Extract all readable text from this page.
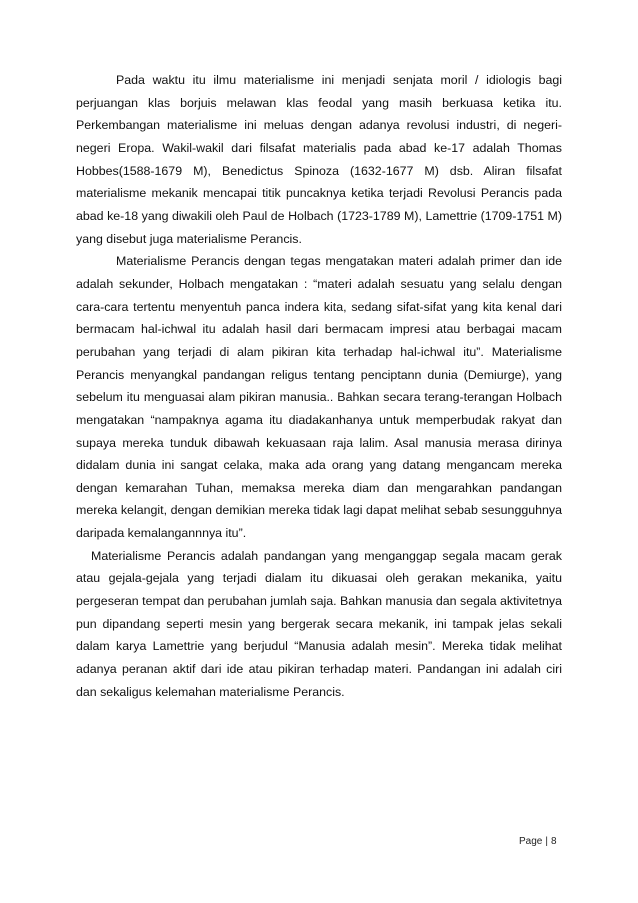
Pada waktu itu ilmu materialisme ini menjadi senjata moril / idiologis bagi perjuangan klas borjuis melawan klas feodal yang masih berkuasa ketika itu. Perkembangan materialisme ini meluas dengan adanya revolusi industri, di negeri-negeri Eropa. Wakil-wakil dari filsafat materialis pada abad ke-17 adalah Thomas Hobbes(1588-1679 M), Benedictus Spinoza (1632-1677 M) dsb. Aliran filsafat materialisme mekanik mencapai titik puncaknya ketika terjadi Revolusi Perancis pada abad ke-18 yang diwakili oleh Paul de Holbach (1723-1789 M), Lamettrie (1709-1751 M) yang disebut juga materialisme Perancis.

Materialisme Perancis dengan tegas mengatakan materi adalah primer dan ide adalah sekunder, Holbach mengatakan : “materi adalah sesuatu yang selalu dengan cara-cara tertentu menyentuh panca indera kita, sedang sifat-sifat yang kita kenal dari bermacam hal-ichwal itu adalah hasil dari bermacam impresi atau berbagai macam perubahan yang terjadi di alam pikiran kita terhadap hal-ichwal itu”. Materialisme Perancis menyangkal pandangan religus tentang penciptann dunia (Demiurge), yang sebelum itu menguasai alam pikiran manusia.. Bahkan secara terang-terangan Holbach mengatakan “nampaknya agama itu diadakanhanya untuk memperbudak rakyat dan supaya mereka tunduk dibawah kekuasaan raja lalim. Asal manusia merasa dirinya didalam dunia ini sangat celaka, maka ada orang yang datang mengancam mereka dengan kemarahan Tuhan, memaksa mereka diam dan mengarahkan pandangan mereka kelangit, dengan demikian mereka tidak lagi dapat melihat sebab sesungguhnya daripada kemalangannnya itu”.

Materialisme Perancis adalah pandangan yang menganggap segala macam gerak atau gejala-gejala yang terjadi dialam itu dikuasai oleh gerakan mekanika, yaitu pergeseran tempat dan perubahan jumlah saja. Bahkan manusia dan segala aktivitetnya pun dipandang seperti mesin yang bergerak secara mekanik, ini tampak jelas sekali dalam karya Lamettrie yang berjudul “Manusia adalah mesin”. Mereka tidak melihat adanya peranan aktif dari ide atau pikiran terhadap materi. Pandangan ini adalah ciri dan sekaligus kelemahan materialisme Perancis.

Page | 8
